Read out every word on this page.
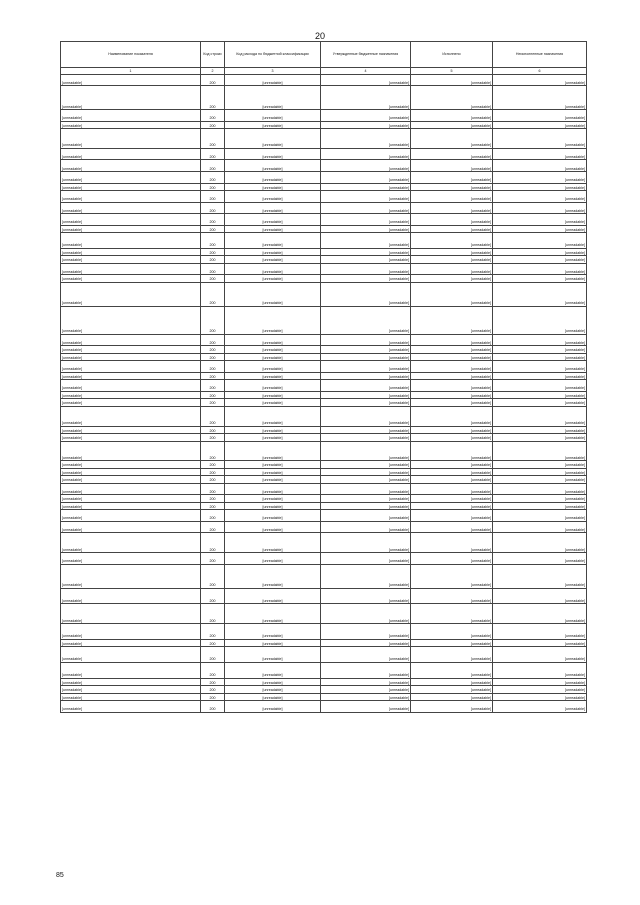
20
Наименование показателя	Код строки	Код расхода по бюджетной классификации	Утвержденные бюджетные назначения	Исполнено	Неисполненные назначения
1	2	3	4	5	6
[unreadable]	200	[unreadable]	[unreadable]	[unreadable]	[unreadable]
[unreadable]	200	[unreadable]	[unreadable]	[unreadable]	[unreadable]
[unreadable]	200	[unreadable]	[unreadable]	[unreadable]	[unreadable]
[unreadable]	200	[unreadable]	[unreadable]	[unreadable]	[unreadable]
[unreadable]	200	[unreadable]	[unreadable]	[unreadable]	[unreadable]
[unreadable]	200	[unreadable]	[unreadable]	[unreadable]	[unreadable]
[unreadable]	200	[unreadable]	[unreadable]	[unreadable]	[unreadable]
[unreadable]	200	[unreadable]	[unreadable]	[unreadable]	[unreadable]
[unreadable]	200	[unreadable]	[unreadable]	[unreadable]	[unreadable]
[unreadable]	200	[unreadable]	[unreadable]	[unreadable]	[unreadable]
[unreadable]	200	[unreadable]	[unreadable]	[unreadable]	[unreadable]
[unreadable]	200	[unreadable]	[unreadable]	[unreadable]	[unreadable]
[unreadable]	200	[unreadable]	[unreadable]	[unreadable]	[unreadable]
[unreadable]	200	[unreadable]	[unreadable]	[unreadable]	[unreadable]
[unreadable]	200	[unreadable]	[unreadable]	[unreadable]	[unreadable]
[unreadable]	200	[unreadable]	[unreadable]	[unreadable]	[unreadable]
[unreadable]	200	[unreadable]	[unreadable]	[unreadable]	[unreadable]
[unreadable]	200	[unreadable]	[unreadable]	[unreadable]	[unreadable]
[unreadable]	200	[unreadable]	[unreadable]	[unreadable]	[unreadable]
[unreadable]	200	[unreadable]	[unreadable]	[unreadable]	[unreadable]
[unreadable]	200	[unreadable]	[unreadable]	[unreadable]	[unreadable]
[unreadable]	200	[unreadable]	[unreadable]	[unreadable]	[unreadable]
[unreadable]	200	[unreadable]	[unreadable]	[unreadable]	[unreadable]
[unreadable]	200	[unreadable]	[unreadable]	[unreadable]	[unreadable]
[unreadable]	200	[unreadable]	[unreadable]	[unreadable]	[unreadable]
[unreadable]	200	[unreadable]	[unreadable]	[unreadable]	[unreadable]
[unreadable]	200	[unreadable]	[unreadable]	[unreadable]	[unreadable]
[unreadable]	200	[unreadable]	[unreadable]	[unreadable]	[unreadable]
[unreadable]	200	[unreadable]	[unreadable]	[unreadable]	[unreadable]
[unreadable]	200	[unreadable]	[unreadable]	[unreadable]	[unreadable]
[unreadable]	200	[unreadable]	[unreadable]	[unreadable]	[unreadable]
[unreadable]	200	[unreadable]	[unreadable]	[unreadable]	[unreadable]
[unreadable]	200	[unreadable]	[unreadable]	[unreadable]	[unreadable]
[unreadable]	200	[unreadable]	[unreadable]	[unreadable]	[unreadable]
[unreadable]	200	[unreadable]	[unreadable]	[unreadable]	[unreadable]
[unreadable]	200	[unreadable]	[unreadable]	[unreadable]	[unreadable]
[unreadable]	200	[unreadable]	[unreadable]	[unreadable]	[unreadable]
[unreadable]	200	[unreadable]	[unreadable]	[unreadable]	[unreadable]
[unreadable]	200	[unreadable]	[unreadable]	[unreadable]	[unreadable]
[unreadable]	200	[unreadable]	[unreadable]	[unreadable]	[unreadable]
[unreadable]	200	[unreadable]	[unreadable]	[unreadable]	[unreadable]
[unreadable]	200	[unreadable]	[unreadable]	[unreadable]	[unreadable]
[unreadable]	200	[unreadable]	[unreadable]	[unreadable]	[unreadable]
[unreadable]	200	[unreadable]	[unreadable]	[unreadable]	[unreadable]
[unreadable]	200	[unreadable]	[unreadable]	[unreadable]	[unreadable]
[unreadable]	200	[unreadable]	[unreadable]	[unreadable]	[unreadable]
[unreadable]	200	[unreadable]	[unreadable]	[unreadable]	[unreadable]
[unreadable]	200	[unreadable]	[unreadable]	[unreadable]	[unreadable]
[unreadable]	200	[unreadable]	[unreadable]	[unreadable]	[unreadable]
[unreadable]	200	[unreadable]	[unreadable]	[unreadable]	[unreadable]
[unreadable]	200	[unreadable]	[unreadable]	[unreadable]	[unreadable]
[unreadable]	200	[unreadable]	[unreadable]	[unreadable]	[unreadable]
[unreadable]	200	[unreadable]	[unreadable]	[unreadable]	[unreadable]
85
